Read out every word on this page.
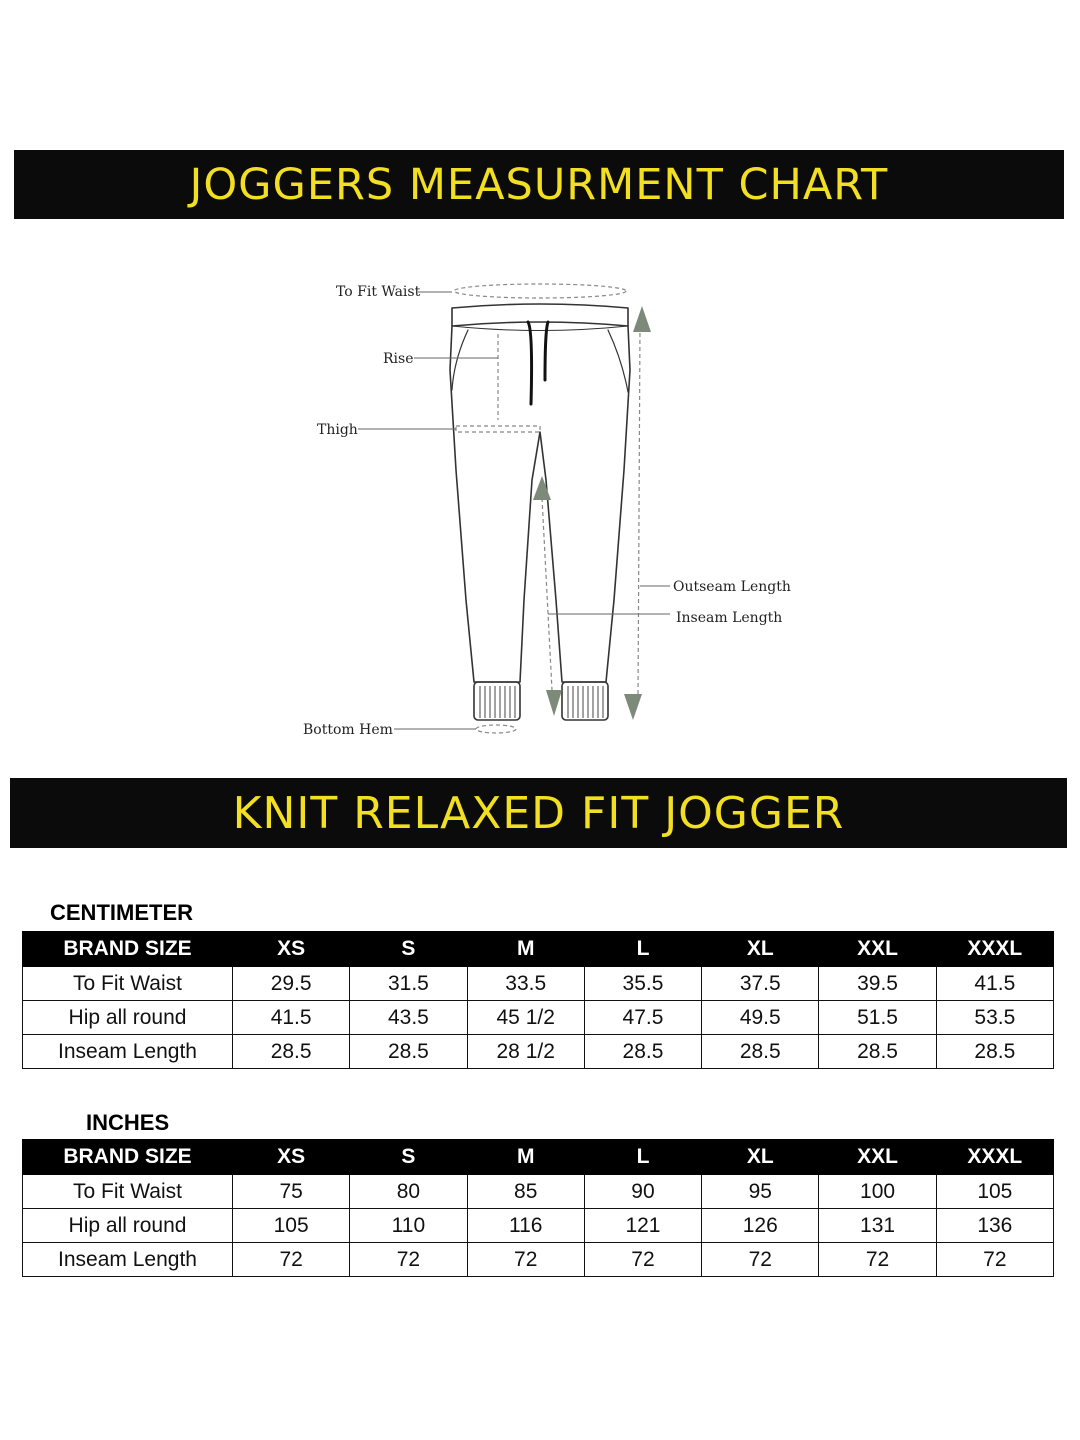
JOGGERS MEASURMENT CHART
To Fit Waist
Rise
Thigh
Outseam Length
Inseam Length
Bottom Hem
KNIT RELAXED FIT JOGGER
CENTIMETER
BRAND SIZE	XS	S	M	L	XL	XXL	XXXL
To Fit Waist	29.5	31.5	33.5	35.5	37.5	39.5	41.5
Hip all round	41.5	43.5	45 1/2	47.5	49.5	51.5	53.5
Inseam Length	28.5	28.5	28 1/2	28.5	28.5	28.5	28.5
INCHES
BRAND SIZE	XS	S	M	L	XL	XXL	XXXL
To Fit Waist	75	80	85	90	95	100	105
Hip all round	105	110	116	121	126	131	136
Inseam Length	72	72	72	72	72	72	72
